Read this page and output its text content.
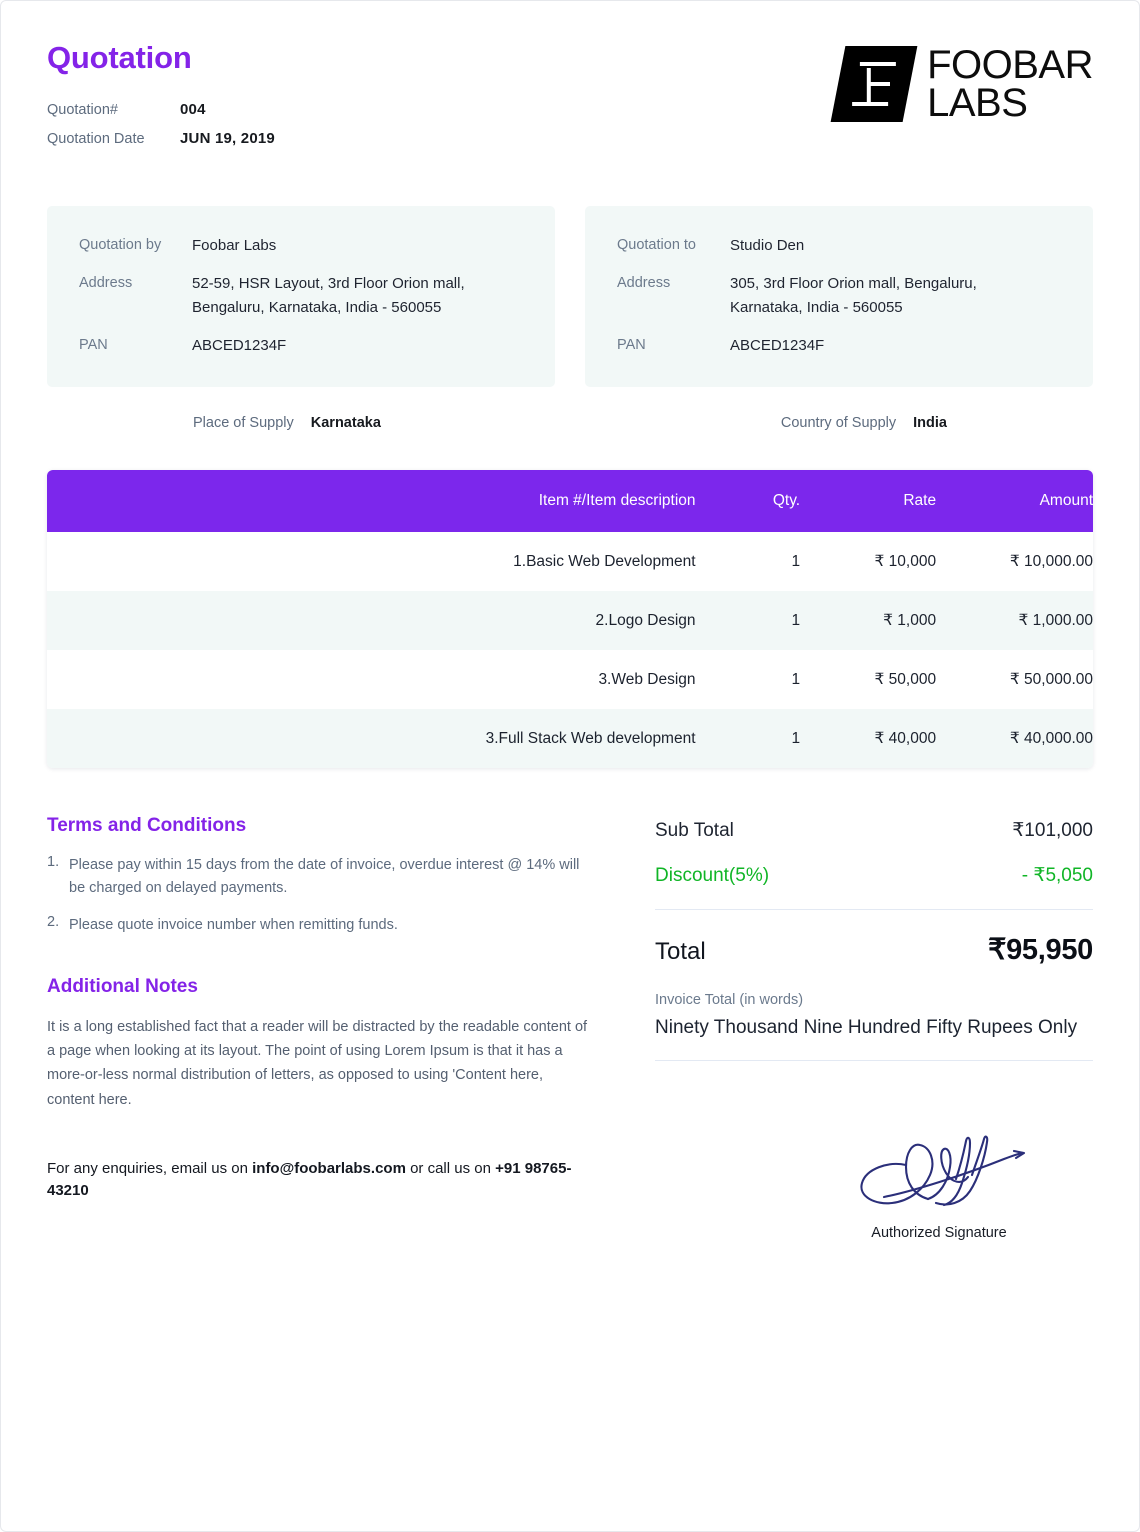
Quotation
Quotation#	004
Quotation Date	JUN 19, 2019
FOOBAR
LABS
Quotation by	Foobar Labs
Address	52-59, HSR Layout, 3rd Floor Orion mall,
Bengaluru, Karnataka, India - 560055
PAN	ABCED1234F
Quotation to	Studio Den
Address	305, 3rd Floor Orion mall, Bengaluru,
Karnataka, India - 560055
PAN	ABCED1234F
Place of Supply Karnataka	Country of Supply India
Item #/Item description	Qty.	Rate	Amount
1.Basic Web Development	1	₹ 10,000	₹ 10,000.00
2.Logo Design	1	₹ 1,000	₹ 1,000.00
3.Web Design	1	₹ 50,000	₹ 50,000.00
3.Full Stack Web development	1	₹ 40,000	₹ 40,000.00
Terms and Conditions
1. Please pay within 15 days from the date of invoice, overdue interest @ 14% will be charged on delayed payments.
2. Please quote invoice number when remitting funds.
Additional Notes
It is a long established fact that a reader will be distracted by the readable content of a page when looking at its layout. The point of using Lorem Ipsum is that it has a more-or-less normal distribution of letters, as opposed to using 'Content here, content here.
For any enquiries, email us on info@foobarlabs.com or call us on +91 98765-43210
Sub Total	₹101,000
Discount(5%)	- ₹5,050
Total	₹95,950
Invoice Total (in words)
Ninety Thousand Nine Hundred Fifty Rupees Only
Authorized Signature
